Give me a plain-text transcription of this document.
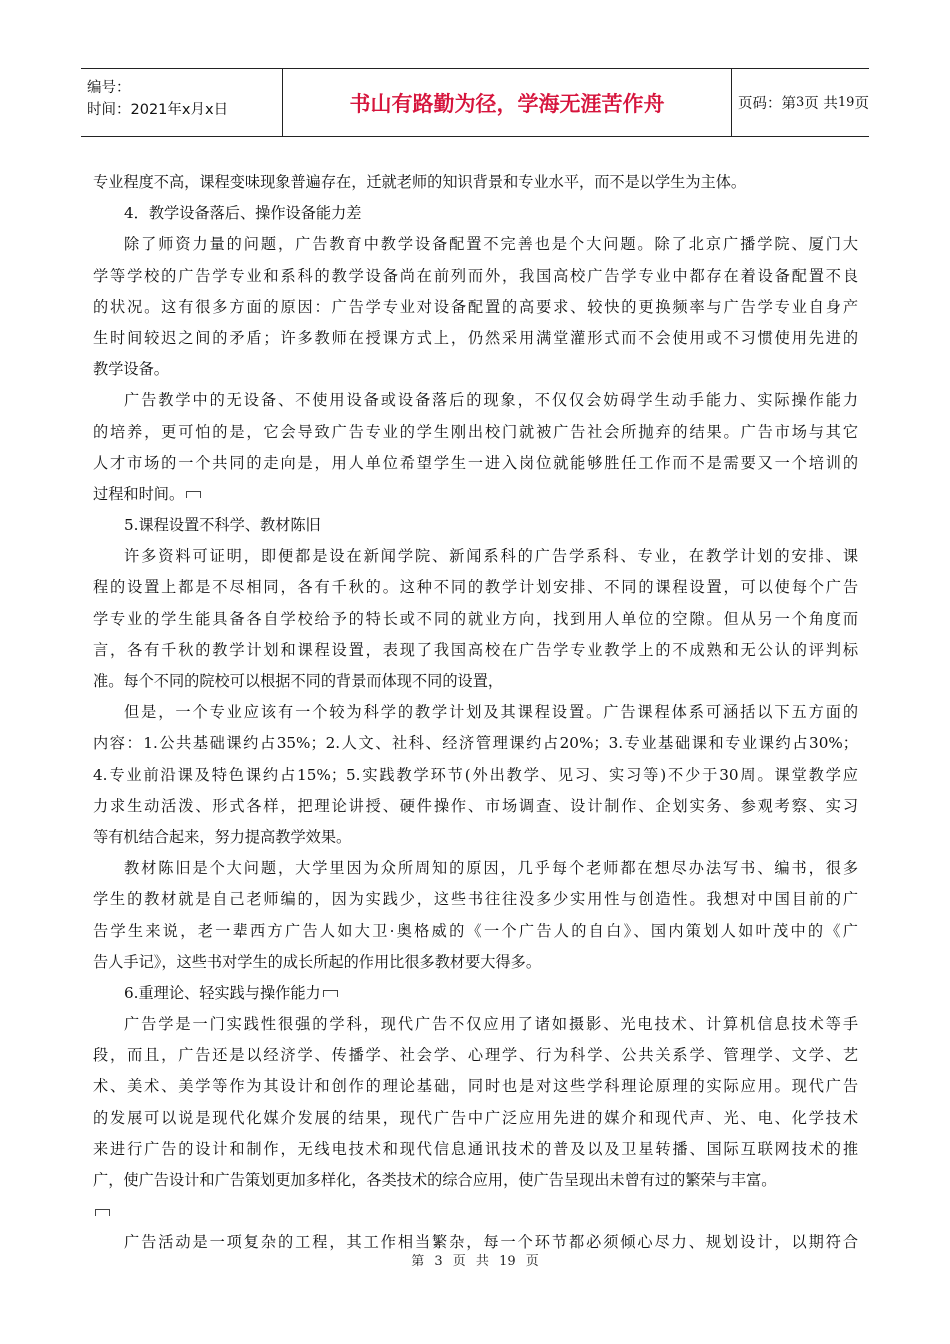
编号：
时间：2021年x月x日	书山有路勤为径，学海无涯苦作舟	页码：第 3 页 共 19 页
专业程度不高，课程变味现象普遍存在，迁就老师的知识背景和专业水平，而不是以学生为主体。
4．教学设备落后、操作设备能力差
除了师资力量的问题，广告教育中教学设备配置不完善也是个大问题。除了北京广播学院、厦门大
学等学校的广告学专业和系科的教学设备尚在前列而外，我国高校广告学专业中都存在着设备配置不良
的状况。这有很多方面的原因：广告学专业对设备配置的高要求、较快的更换频率与广告学专业自身产
生时间较迟之间的矛盾；许多教师在授课方式上，仍然采用满堂灌形式而不会使用或不习惯使用先进的
教学设备。
广告教学中的无设备、不使用设备或设备落后的现象，不仅仅会妨碍学生动手能力、实际操作能力
的培养，更可怕的是，它会导致广告专业的学生刚出校门就被广告社会所抛弃的结果。广告市场与其它
人才市场的一个共同的走向是，用人单位希望学生一进入岗位就能够胜任工作而不是需要又一个培训的
过程和时间。
5.课程设置不科学、教材陈旧
许多资料可证明，即便都是设在新闻学院、新闻系科的广告学系科、专业，在教学计划的安排、课
程的设置上都是不尽相同，各有千秋的。这种不同的教学计划安排、不同的课程设置，可以使每个广告
学专业的学生能具备各自学校给予的特长或不同的就业方向，找到用人单位的空隙。但从另一个角度而
言，各有千秋的教学计划和课程设置，表现了我国高校在广告学专业教学上的不成熟和无公认的评判标
准。每个不同的院校可以根据不同的背景而体现不同的设置，
但是，一个专业应该有一个较为科学的教学计划及其课程设置。广告课程体系可涵括以下五方面的
内容：1.公共基础课约占35%；2.人文、社科、经济管理课约占20%；3.专业基础课和专业课约占30%；
4.专业前沿课及特色课约占15%；5.实践教学环节(外出教学、见习、实习等)不少于30周。课堂教学应
力求生动活泼、形式各样，把理论讲授、硬件操作、市场调查、设计制作、企划实务、参观考察、实习
等有机结合起来，努力提高教学效果。
教材陈旧是个大问题，大学里因为众所周知的原因，几乎每个老师都在想尽办法写书、编书，很多
学生的教材就是自己老师编的，因为实践少，这些书往往没多少实用性与创造性。我想对中国目前的广
告学生来说，老一辈西方广告人如大卫·奥格威的《一个广告人的自白》、国内策划人如叶茂中的《广
告人手记》，这些书对学生的成长所起的作用比很多教材要大得多。
6.重理论、轻实践与操作能力
广告学是一门实践性很强的学科，现代广告不仅应用了诸如摄影、光电技术、计算机信息技术等手
段，而且，广告还是以经济学、传播学、社会学、心理学、行为科学、公共关系学、管理学、文学、艺
术、美术、美学等作为其设计和创作的理论基础，同时也是对这些学科理论原理的实际应用。现代广告
的发展可以说是现代化媒介发展的结果，现代广告中广泛应用先进的媒介和现代声、光、电、化学技术
来进行广告的设计和制作，无线电技术和现代信息通讯技术的普及以及卫星转播、国际互联网技术的推
广，使广告设计和广告策划更加多样化，各类技术的综合应用，使广告呈现出未曾有过的繁荣与丰富。
广告活动是一项复杂的工程，其工作相当繁杂，每一个环节都必须倾心尽力、规划设计，以期符合
第 3 页 共 19 页
